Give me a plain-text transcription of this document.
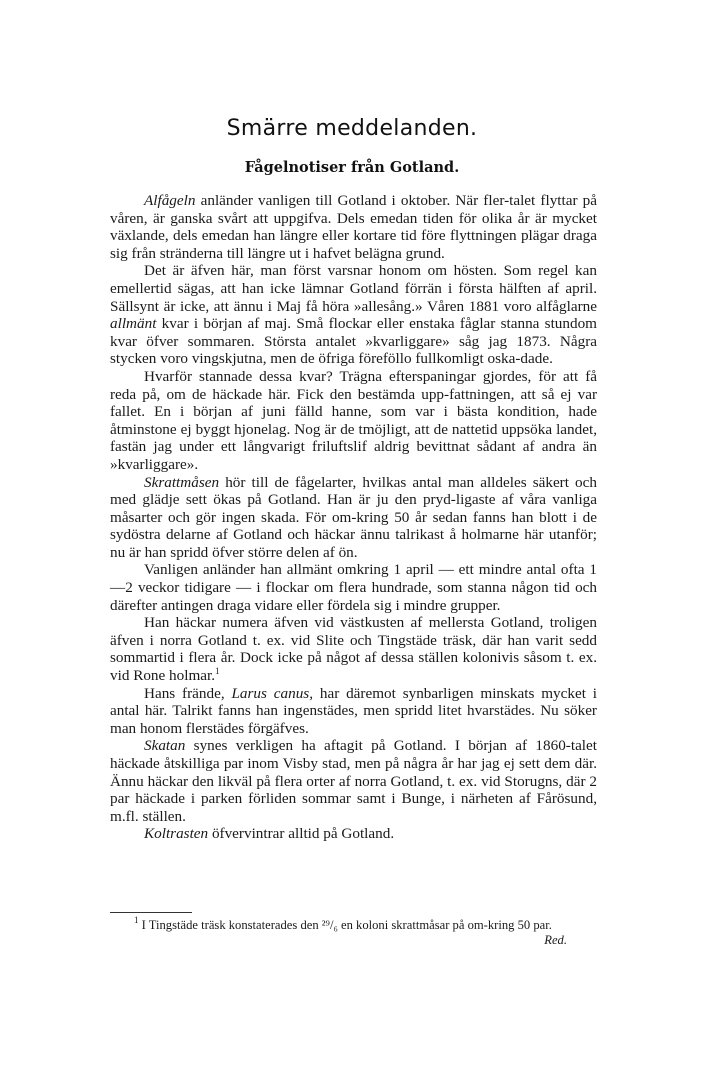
Smärre meddelanden.
Fågelnotiser från Gotland.

Alfågeln anländer vanligen till Gotland i oktober. När fler-talet flyttar på våren, är ganska svårt att uppgifva. Dels emedan tiden för olika år är mycket växlande, dels emedan han längre eller kortare tid före flyttningen plägar draga sig från stränderna till längre ut i hafvet belägna grund.

Det är äfven här, man först varsnar honom om hösten. Som regel kan emellertid sägas, att han icke lämnar Gotland förrän i första hälften af april. Sällsynt är icke, att ännu i Maj få höra »allesång.» Våren 1881 voro alfåglarne allmänt kvar i början af maj. Små flockar eller enstaka fåglar stanna stundom kvar öfver sommaren. Största antalet »kvarliggare» såg jag 1873. Några stycken voro vingskjutna, men de öfriga föreföllo fullkomligt oska-dade.

Hvarför stannade dessa kvar? Trägna efterspaningar gjordes, för att få reda på, om de häckade här. Fick den bestämda upp-fattningen, att så ej var fallet. En i början af juni fälld hanne, som var i bästa kondition, hade åtminstone ej byggt hjonelag. Nog är de tmöjligt, att de nattetid uppsöka landet, fastän jag under ett långvarigt friluftslif aldrig bevittnat sådant af andra än »kvarliggare».

Skrattmåsen hör till de fågelarter, hvilkas antal man alldeles säkert och med glädje sett ökas på Gotland. Han är ju den pryd-ligaste af våra vanliga måsarter och gör ingen skada. För om-kring 50 år sedan fanns han blott i de sydöstra delarne af Gotland och häckar ännu talrikast å holmarne här utanför; nu är han spridd öfver större delen af ön.

Vanligen anländer han allmänt omkring 1 april — ett mindre antal ofta 1—2 veckor tidigare — i flockar om flera hundrade, som stanna någon tid och därefter antingen draga vidare eller fördela sig i mindre grupper.

Han häckar numera äfven vid västkusten af mellersta Gotland, troligen äfven i norra Gotland t. ex. vid Slite och Tingstäde träsk, där han varit sedd sommartid i flera år. Dock icke på något af dessa ställen kolonivis såsom t. ex. vid Rone holmar.$^1$

Hans frände, Larus canus, har däremot synbarligen minskats mycket i antal här. Talrikt fanns han ingenstädes, men spridd litet hvarstädes. Nu söker man honom flerstädes förgäfves.

Skatan synes verkligen ha aftagit på Gotland. I början af 1860-talet häckade åtskilliga par inom Visby stad, men på några år har jag ej sett dem där. Ännu häckar den likväl på flera orter af norra Gotland, t. ex. vid Storugns, där 2 par häckade i parken förliden sommar samt i Bunge, i närheten af Fårösund, m.fl. ställen.

Koltrasten öfvervintrar alltid på Gotland.

$^1$ I Tingstäde träsk konstaterades den ²⁹/₆ en koloni skrattmåsar på om-kring 50 par.
Red.
